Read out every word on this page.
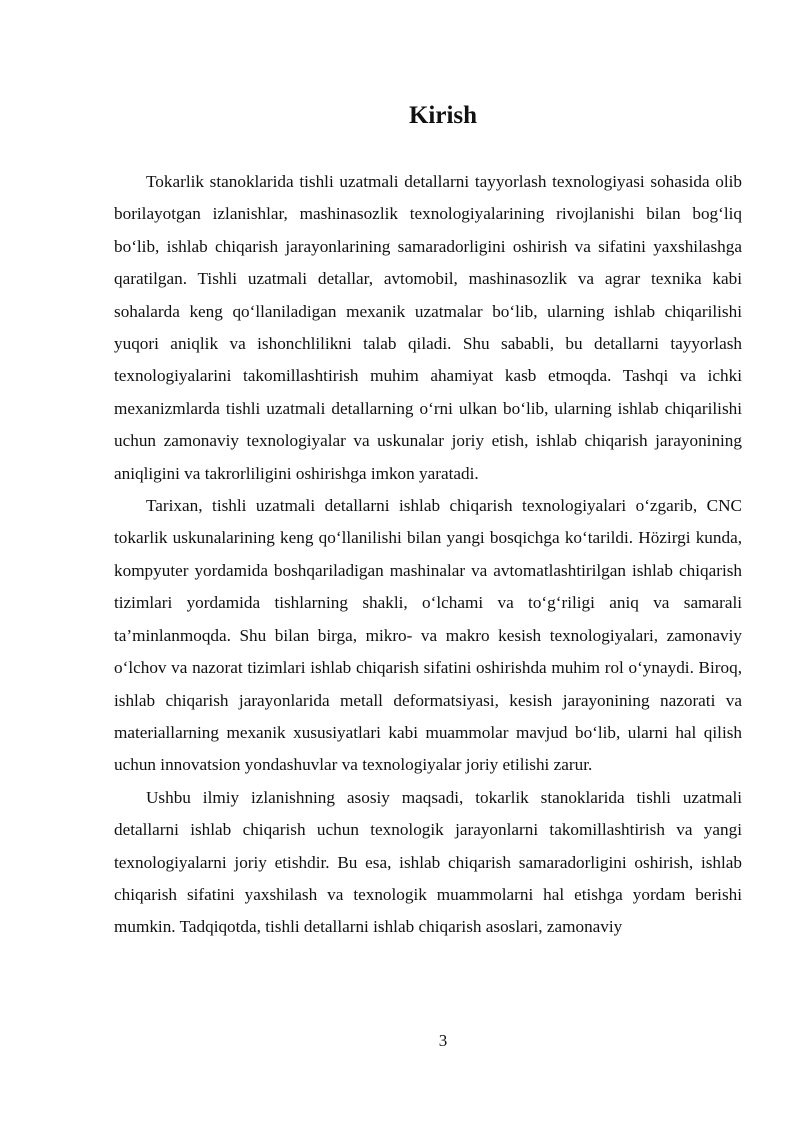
Kirish

Tokarlik stanoklarida tishli uzatmali detallarni tayyorlash texnologiyasi sohasida olib borilayotgan izlanishlar, mashinasozlik texnologiyalarining rivojlanishi bilan bog‘liq bo‘lib, ishlab chiqarish jarayonlarining samaradorligini oshirish va sifatini yaxshilashga qaratilgan. Tishli uzatmali detallar, avtomobil, mashinasozlik va agrar texnika kabi sohalarda keng qo‘llaniladigan mexanik uzatmalar bo‘lib, ularning ishlab chiqarilishi yuqori aniqlik va ishonchlilikni talab qiladi. Shu sababli, bu detallarni tayyorlash texnologiyalarini takomillashtirish muhim ahamiyat kasb etmoqda. Tashqi va ichki mexanizmlarda tishli uzatmali detallarning o‘rni ulkan bo‘lib, ularning ishlab chiqarilishi uchun zamonaviy texnologiyalar va uskunalar joriy etish, ishlab chiqarish jarayonining aniqligini va takrorliligini oshirishga imkon yaratadi.

Tarixan, tishli uzatmali detallarni ishlab chiqarish texnologiyalari o‘zgarib, CNC tokarlik uskunalarining keng qo‘llanilishi bilan yangi bosqichga ko‘tarildi. Hözirgi kunda, kompyuter yordamida boshqariladigan mashinalar va avtomatlashtirilgan ishlab chiqarish tizimlari yordamida tishlarning shakli, o‘lchami va to‘g‘riligi aniq va samarali ta’minlanmoqda. Shu bilan birga, mikro- va makro kesish texnologiyalari, zamonaviy o‘lchov va nazorat tizimlari ishlab chiqarish sifatini oshirishda muhim rol o‘ynaydi. Biroq, ishlab chiqarish jarayonlarida metall deformatsiyasi, kesish jarayonining nazorati va materiallarning mexanik xususiyatlari kabi muammolar mavjud bo‘lib, ularni hal qilish uchun innovatsion yondashuvlar va texnologiyalar joriy etilishi zarur.

Ushbu ilmiy izlanishning asosiy maqsadi, tokarlik stanoklarida tishli uzatmali detallarni ishlab chiqarish uchun texnologik jarayonlarni takomillashtirish va yangi texnologiyalarni joriy etishdir. Bu esa, ishlab chiqarish samaradorligini oshirish, ishlab chiqarish sifatini yaxshilash va texnologik muammolarni hal etishga yordam berishi mumkin. Tadqiqotda, tishli detallarni ishlab chiqarish asoslari, zamonaviy

3
